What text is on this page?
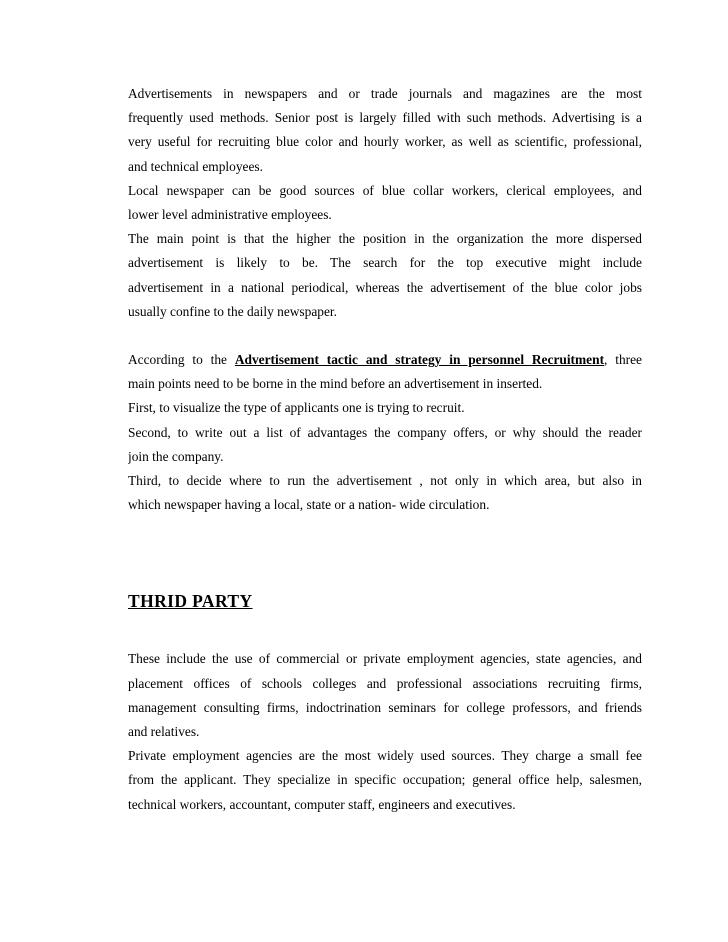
Advertisements in newspapers and or trade journals and magazines are the most
frequently used methods. Senior post is largely filled with such methods. Advertising is a
very useful for recruiting blue color and hourly worker, as well as scientific, professional,
and technical employees.
Local newspaper can be good sources of blue collar workers, clerical employees, and
lower level administrative employees.
The main point is that the higher the position in the organization the more dispersed
advertisement is likely to be. The search for the top executive might include
advertisement in a national periodical, whereas the advertisement of the blue color jobs
usually confine to the daily newspaper.
According to the Advertisement tactic and strategy in personnel Recruitment, three
main points need to be borne in the mind before an advertisement in inserted.
First, to visualize the type of applicants one is trying to recruit.
Second, to write out a list of advantages the company offers, or why should the reader
join the company.
Third, to decide where to run the advertisement , not only in which area, but also in
which newspaper having a local, state or a nation- wide circulation.
THRID PARTY
These include the use of commercial or private employment agencies, state agencies, and
placement offices of schools colleges and professional associations recruiting firms,
management consulting firms, indoctrination seminars for college professors, and friends
and relatives.
Private employment agencies are the most widely used sources. They charge a small fee
from the applicant. They specialize in specific occupation; general office help, salesmen,
technical workers, accountant, computer staff, engineers and executives.
